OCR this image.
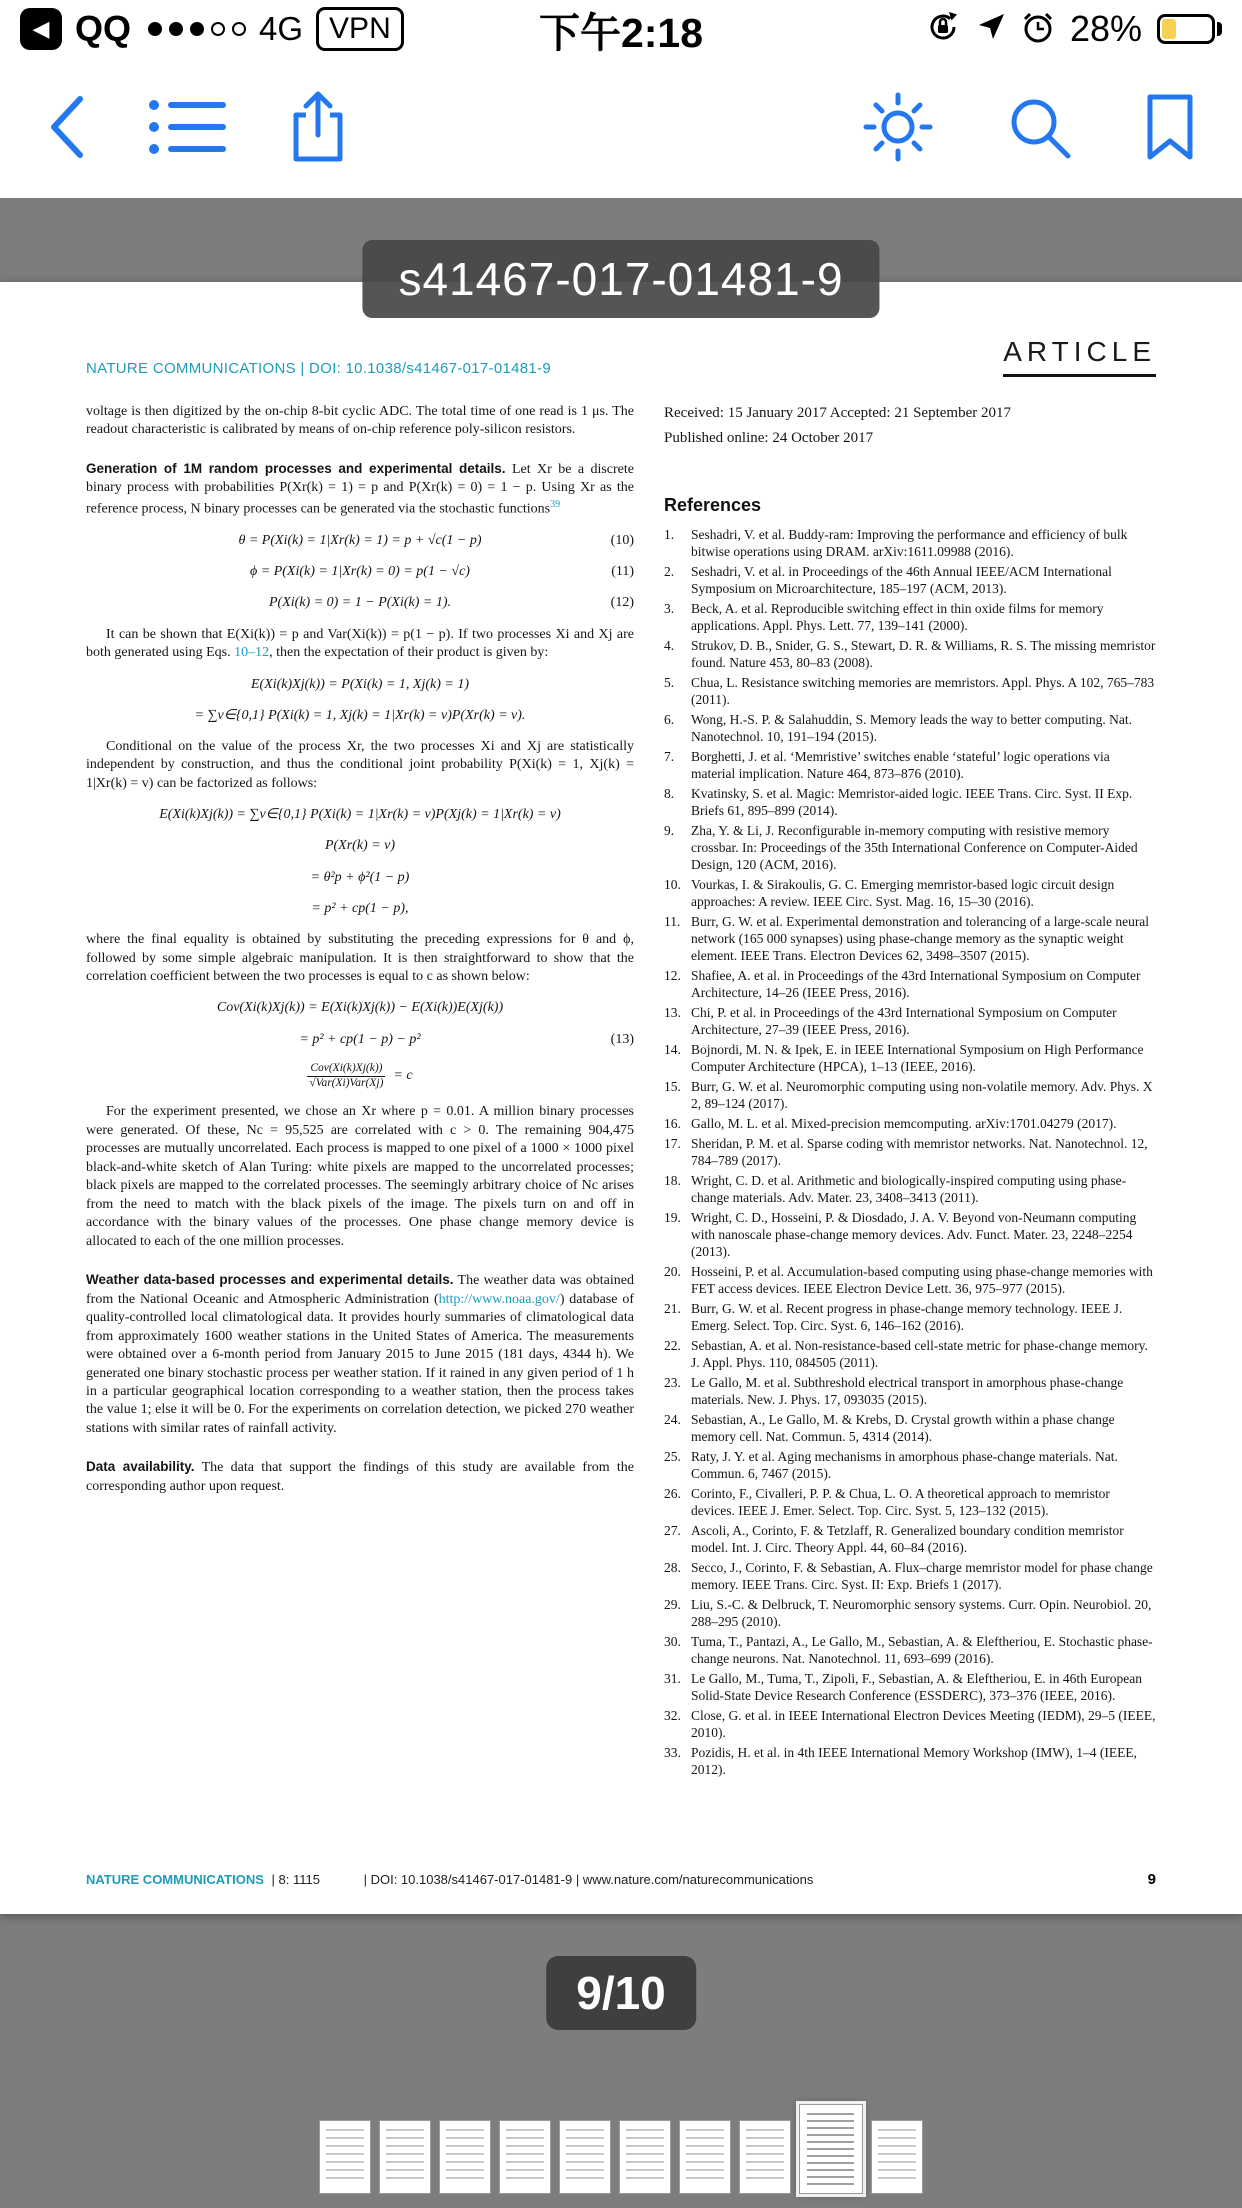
◀ QQ	4G VPN	下午2:18	28%
s41467-017-01481-9
NATURE COMMUNICATIONS | DOI: 10.1038/s41467-017-01481-9
ARTICLE

voltage is then digitized by the on-chip 8-bit cyclic ADC. The total time of one read is 1 μs. The readout characteristic is calibrated by means of on-chip reference poly-silicon resistors.

Generation of 1M random processes and experimental details. Let Xr be a discrete binary process with probabilities P(Xr(k) = 1) = p and P(Xr(k) = 0) = 1 − p. Using Xr as the reference process, N binary processes can be generated via the stochastic functions$^{39}$

θ = P(Xi(k) = 1|Xr(k) = 1) = p + √c(1 − p)	(10)
ϕ = P(Xi(k) = 1|Xr(k) = 0) = p(1 − √c)	(11)
P(Xi(k) = 0) = 1 − P(Xi(k) = 1).	(12)

It can be shown that E(Xi(k)) = p and Var(Xi(k)) = p(1 − p). If two processes Xi and Xj are both generated using Eqs. 10–12, then the expectation of their product is given by:

E(Xi(k)Xj(k)) = P(Xi(k) = 1, Xj(k) = 1)
= ∑v∈{0,1} P(Xi(k) = 1, Xj(k) = 1|Xr(k) = v)P(Xr(k) = v).

Conditional on the value of the process Xr, the two processes Xi and Xj are statistically independent by construction, and thus the conditional joint probability P(Xi(k) = 1, Xj(k) = 1|Xr(k) = v) can be factorized as follows:

E(Xi(k)Xj(k)) = ∑v∈{0,1} P(Xi(k) = 1|Xr(k) = v)P(Xj(k) = 1|Xr(k) = v)
P(Xr(k) = v)
= θ²p + ϕ²(1 − p)
= p² + cp(1 − p),

where the final equality is obtained by substituting the preceding expressions for θ and ϕ, followed by some simple algebraic manipulation. It is then straightforward to show that the correlation coefficient between the two processes is equal to c as shown below:

Cov(Xi(k)Xj(k)) = E(Xi(k)Xj(k)) − E(Xi(k))E(Xj(k))
= p² + cp(1 − p) − p²	(13)
$\frac{\text{Cov(Xi(k)Xj(k))}}{\text{√Var(Xi)Var(Xj)}} = c$

For the experiment presented, we chose an Xr where p = 0.01. A million binary processes were generated. Of these, Nc = 95,525 are correlated with c > 0. The remaining 904,475 processes are mutually uncorrelated. Each process is mapped to one pixel of a 1000 × 1000 pixel black-and-white sketch of Alan Turing: white pixels are mapped to the uncorrelated processes; black pixels are mapped to the correlated processes. The seemingly arbitrary choice of Nc arises from the need to match with the black pixels of the image. The pixels turn on and off in accordance with the binary values of the processes. One phase change memory device is allocated to each of the one million processes.

Weather data-based processes and experimental details. The weather data was obtained from the National Oceanic and Atmospheric Administration (http://www.noaa.gov/) database of quality-controlled local climatological data. It provides hourly summaries of climatological data from approximately 1600 weather stations in the United States of America. The measurements were obtained over a 6-month period from January 2015 to June 2015 (181 days, 4344 h). We generated one binary stochastic process per weather station. If it rained in any given period of 1 h in a particular geographical location corresponding to a weather station, then the process takes the value 1; else it will be 0. For the experiments on correlation detection, we picked 270 weather stations with similar rates of rainfall activity.

Data availability. The data that support the findings of this study are available from the corresponding author upon request.

Received: 15 January 2017 Accepted: 21 September 2017

Published online: 24 October 2017

References
1.	Seshadri, V. et al. Buddy-ram: Improving the performance and efficiency of bulk bitwise operations using DRAM. arXiv:1611.09988 (2016).
2.	Seshadri, V. et al. in Proceedings of the 46th Annual IEEE/ACM International Symposium on Microarchitecture, 185–197 (ACM, 2013).
3.	Beck, A. et al. Reproducible switching effect in thin oxide films for memory applications. Appl. Phys. Lett. 77, 139–141 (2000).
4.	Strukov, D. B., Snider, G. S., Stewart, D. R. & Williams, R. S. The missing memristor found. Nature 453, 80–83 (2008).
5.	Chua, L. Resistance switching memories are memristors. Appl. Phys. A 102, 765–783 (2011).
6.	Wong, H.-S. P. & Salahuddin, S. Memory leads the way to better computing. Nat. Nanotechnol. 10, 191–194 (2015).
7.	Borghetti, J. et al. ‘Memristive’ switches enable ‘stateful’ logic operations via material implication. Nature 464, 873–876 (2010).
8.	Kvatinsky, S. et al. Magic: Memristor-aided logic. IEEE Trans. Circ. Syst. II Exp. Briefs 61, 895–899 (2014).
9.	Zha, Y. & Li, J. Reconfigurable in-memory computing with resistive memory crossbar. In: Proceedings of the 35th International Conference on Computer-Aided Design, 120 (ACM, 2016).
10. Vourkas, I. & Sirakoulis, G. C. Emerging memristor-based logic circuit design approaches: A review. IEEE Circ. Syst. Mag. 16, 15–30 (2016).
11. Burr, G. W. et al. Experimental demonstration and tolerancing of a large-scale neural network (165 000 synapses) using phase-change memory as the synaptic weight element. IEEE Trans. Electron Devices 62, 3498–3507 (2015).
12. Shafiee, A. et al. in Proceedings of the 43rd International Symposium on Computer Architecture, 14–26 (IEEE Press, 2016).
13. Chi, P. et al. in Proceedings of the 43rd International Symposium on Computer Architecture, 27–39 (IEEE Press, 2016).
14. Bojnordi, M. N. & Ipek, E. in IEEE International Symposium on High Performance Computer Architecture (HPCA), 1–13 (IEEE, 2016).
15. Burr, G. W. et al. Neuromorphic computing using non-volatile memory. Adv. Phys. X 2, 89–124 (2017).
16. Gallo, M. L. et al. Mixed-precision memcomputing. arXiv:1701.04279 (2017).
17. Sheridan, P. M. et al. Sparse coding with memristor networks. Nat. Nanotechnol. 12, 784–789 (2017).
18. Wright, C. D. et al. Arithmetic and biologically-inspired computing using phase-change materials. Adv. Mater. 23, 3408–3413 (2011).
19. Wright, C. D., Hosseini, P. & Diosdado, J. A. V. Beyond von-Neumann computing with nanoscale phase-change memory devices. Adv. Funct. Mater. 23, 2248–2254 (2013).
20. Hosseini, P. et al. Accumulation-based computing using phase-change memories with FET access devices. IEEE Electron Device Lett. 36, 975–977 (2015).
21. Burr, G. W. et al. Recent progress in phase-change memory technology. IEEE J. Emerg. Select. Top. Circ. Syst. 6, 146–162 (2016).
22. Sebastian, A. et al. Non-resistance-based cell-state metric for phase-change memory. J. Appl. Phys. 110, 084505 (2011).
23. Le Gallo, M. et al. Subthreshold electrical transport in amorphous phase-change materials. New. J. Phys. 17, 093035 (2015).
24. Sebastian, A., Le Gallo, M. & Krebs, D. Crystal growth within a phase change memory cell. Nat. Commun. 5, 4314 (2014).
25. Raty, J. Y. et al. Aging mechanisms in amorphous phase-change materials. Nat. Commun. 6, 7467 (2015).
26. Corinto, F., Civalleri, P. P. & Chua, L. O. A theoretical approach to memristor devices. IEEE J. Emer. Select. Top. Circ. Syst. 5, 123–132 (2015).
27. Ascoli, A., Corinto, F. & Tetzlaff, R. Generalized boundary condition memristor model. Int. J. Circ. Theory Appl. 44, 60–84 (2016).
28. Secco, J., Corinto, F. & Sebastian, A. Flux–charge memristor model for phase change memory. IEEE Trans. Circ. Syst. II: Exp. Briefs 1 (2017).
29. Liu, S.-C. & Delbruck, T. Neuromorphic sensory systems. Curr. Opin. Neurobiol. 20, 288–295 (2010).
30. Tuma, T., Pantazi, A., Le Gallo, M., Sebastian, A. & Eleftheriou, E. Stochastic phase-change neurons. Nat. Nanotechnol. 11, 693–699 (2016).
31. Le Gallo, M., Tuma, T., Zipoli, F., Sebastian, A. & Eleftheriou, E. in 46th European Solid-State Device Research Conference (ESSDERC), 373–376 (IEEE, 2016).
32. Close, G. et al. in IEEE International Electron Devices Meeting (IEDM), 29–5 (IEEE, 2010).
33. Pozidis, H. et al. in 4th IEEE International Memory Workshop (IMW), 1–4 (IEEE, 2012).
NATURE COMMUNICATIONS | 8: 1115	| DOI: 10.1038/s41467-017-01481-9 | www.nature.com/naturecommunications	9
9/10
